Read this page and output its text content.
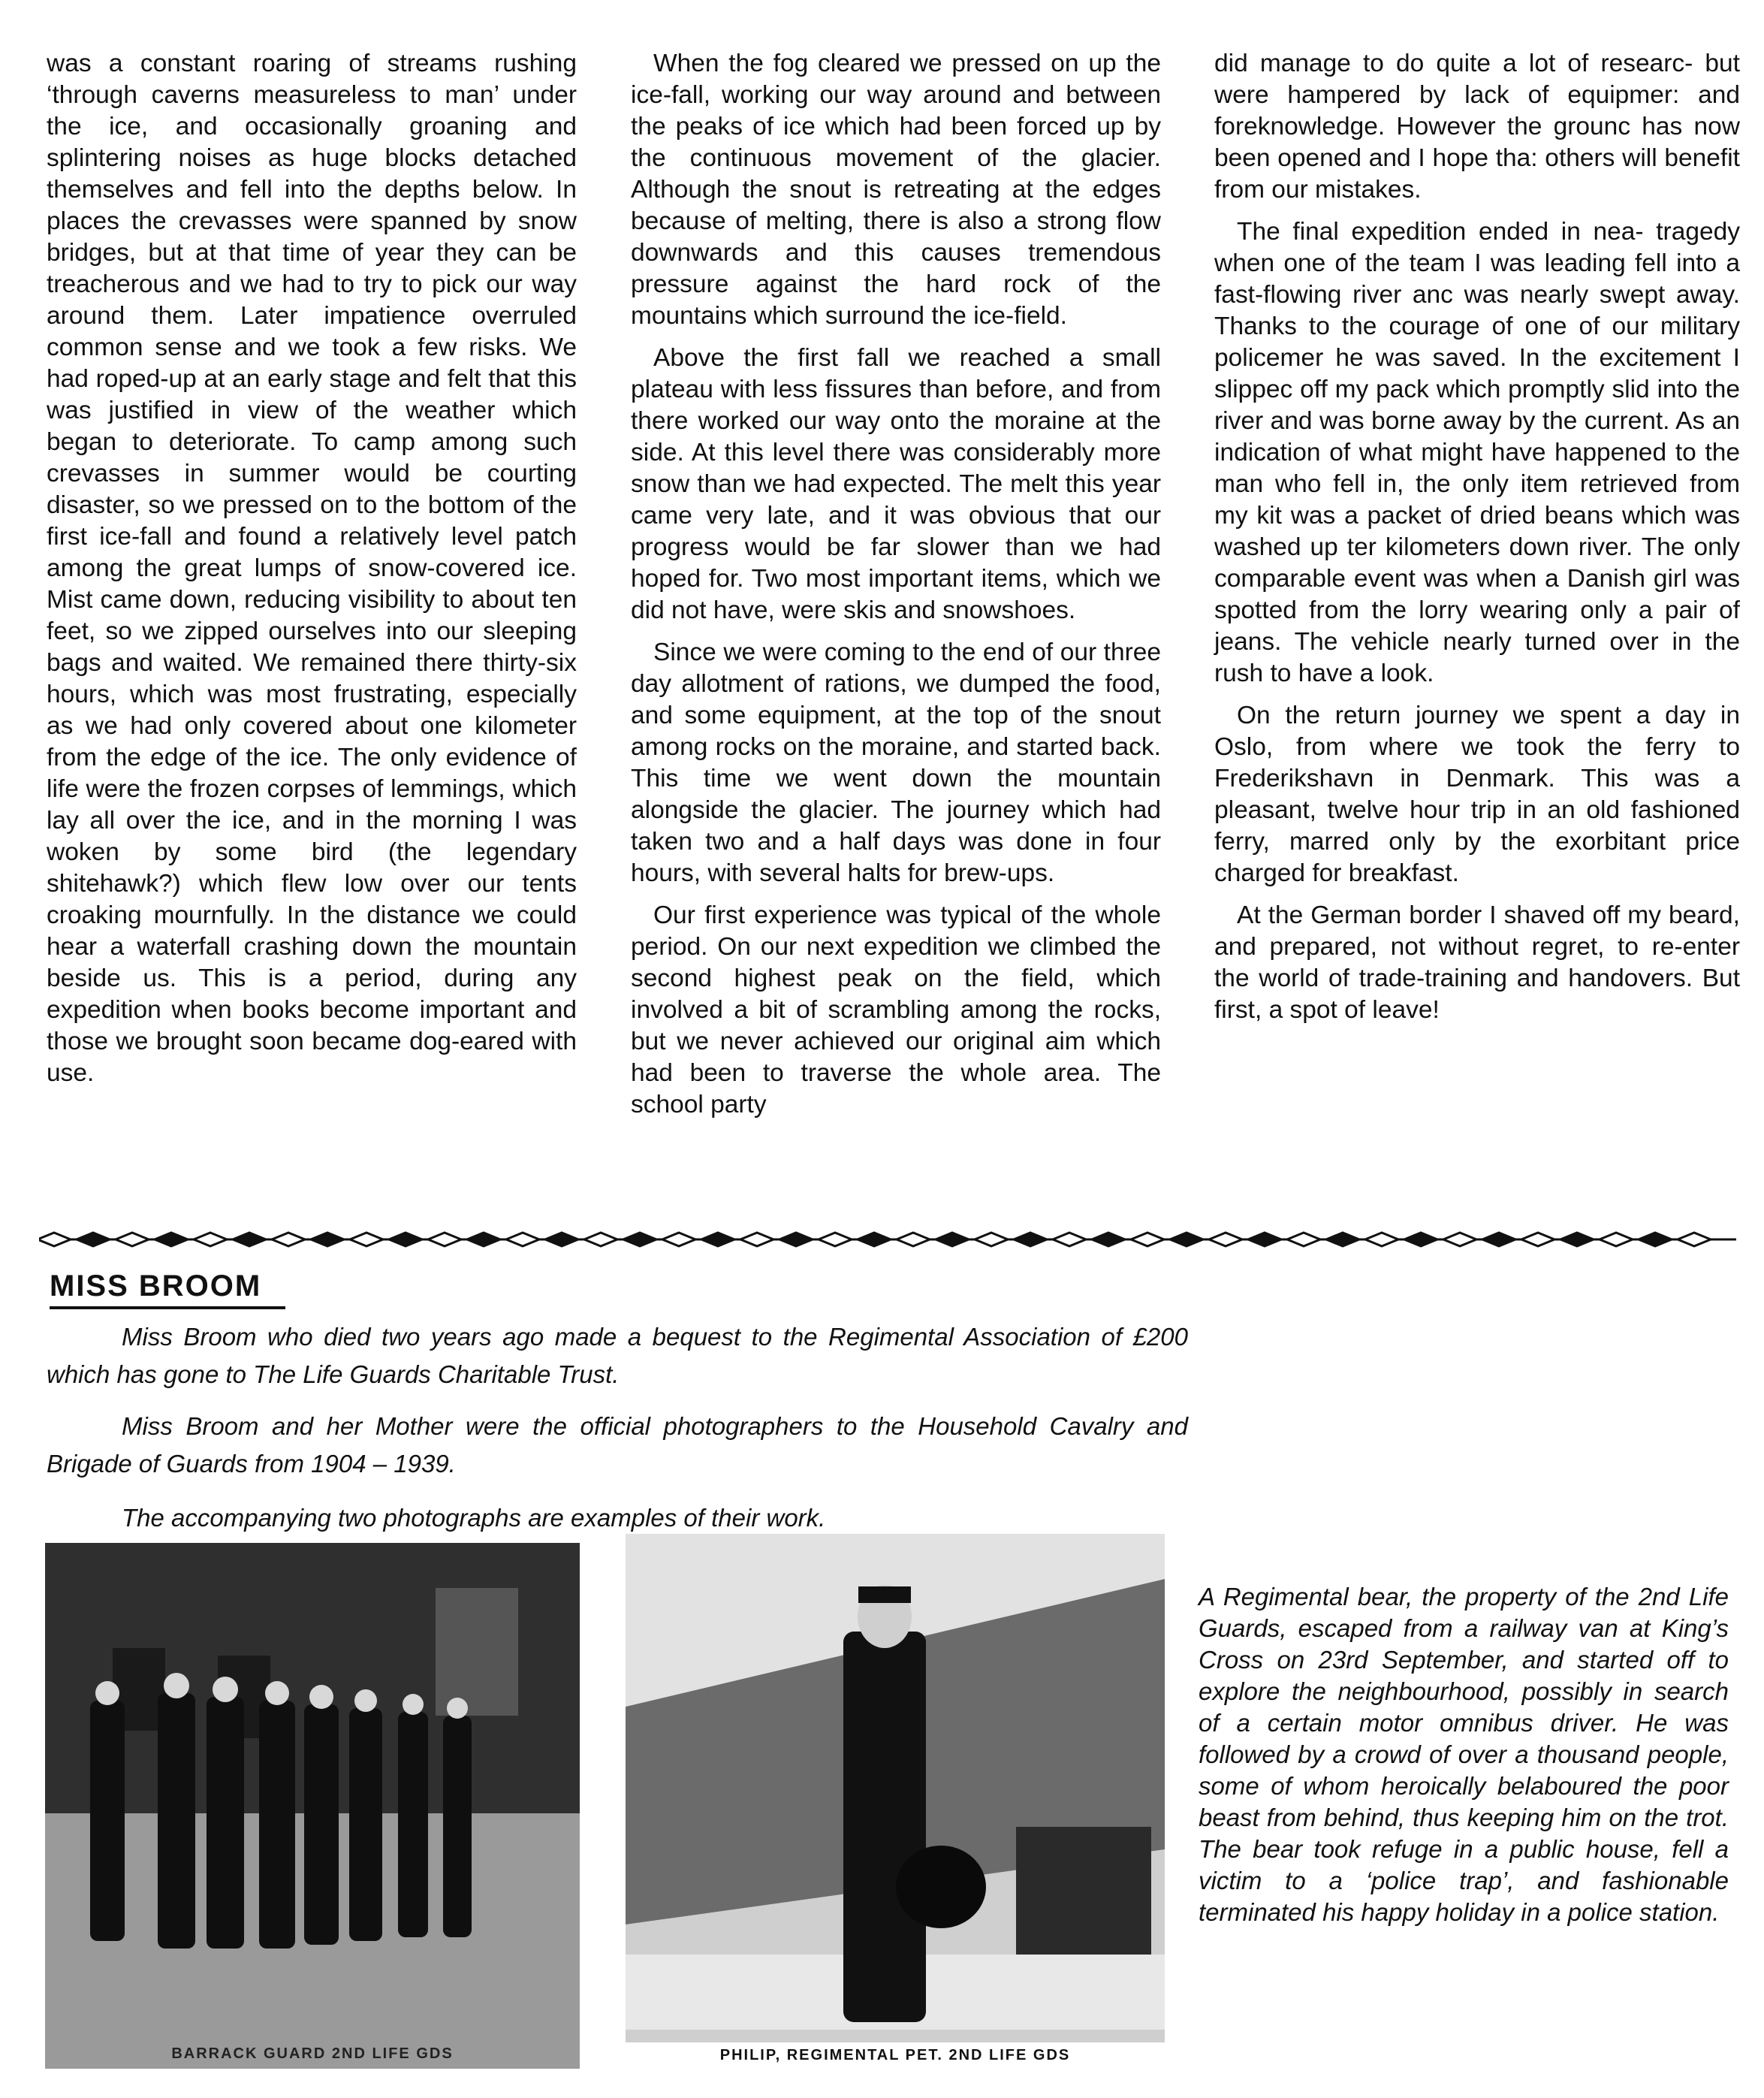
was a constant roaring of streams rushing ‘through caverns measureless to man’ under the ice, and occasionally groaning and splintering noises as huge blocks detached themselves and fell into the depths below. In places the crevasses were spanned by snow bridges, but at that time of year they can be treacherous and we had to try to pick our way around them. Later impatience overruled common sense and we took a few risks. We had roped-up at an early stage and felt that this was justified in view of the weather which began to deteriorate. To camp among such crevasses in summer would be courting disaster, so we pressed on to the bottom of the first ice-fall and found a relatively level patch among the great lumps of snow-covered ice. Mist came down, reducing visibility to about ten feet, so we zipped ourselves into our sleeping bags and waited. We remained there thirty-six hours, which was most frustrating, especially as we had only covered about one kilometer from the edge of the ice. The only evidence of life were the frozen corpses of lemmings, which lay all over the ice, and in the morning I was woken by some bird (the legendary shitehawk?) which flew low over our tents croaking mournfully. In the distance we could hear a waterfall crashing down the mountain beside us. This is a period, during any expedition when books become important and those we brought soon became dog-eared with use.

When the fog cleared we pressed on up the ice-fall, working our way around and between the peaks of ice which had been forced up by the continuous movement of the glacier. Although the snout is retreating at the edges because of melting, there is also a strong flow downwards and this causes tremendous pressure against the hard rock of the mountains which surround the ice-field.

Above the first fall we reached a small plateau with less fissures than before, and from there worked our way onto the moraine at the side. At this level there was considerably more snow than we had expected. The melt this year came very late, and it was obvious that our progress would be far slower than we had hoped for. Two most important items, which we did not have, were skis and snowshoes.

Since we were coming to the end of our three day allotment of rations, we dumped the food, and some equipment, at the top of the snout among rocks on the moraine, and started back. This time we went down the mountain alongside the glacier. The journey which had taken two and a half days was done in four hours, with several halts for brew-ups.

Our first experience was typical of the whole period. On our next expedition we climbed the second highest peak on the field, which involved a bit of scrambling among the rocks, but we never achieved our original aim which had been to traverse the whole area. The school party

did manage to do quite a lot of researc- but were hampered by lack of equipmer: and foreknowledge. However the grounc has now been opened and I hope tha: others will benefit from our mistakes.

The final expedition ended in nea- tragedy when one of the team I was leading fell into a fast-flowing river anc was nearly swept away. Thanks to the courage of one of our military policemer he was saved. In the excitement I slippec off my pack which promptly slid into the river and was borne away by the current. As an indication of what might have happened to the man who fell in, the only item retrieved from my kit was a packet of dried beans which was washed up ter kilometers down river. The only comparable event was when a Danish girl was spotted from the lorry wearing only a pair of jeans. The vehicle nearly turned over in the rush to have a look.

On the return journey we spent a day in Oslo, from where we took the ferry to Frederikshavn in Denmark. This was a pleasant, twelve hour trip in an old fashioned ferry, marred only by the exorbitant price charged for breakfast.

At the German border I shaved off my beard, and prepared, not without regret, to re-enter the world of trade-training and handovers. But first, a spot of leave!

MISS BROOM

Miss Broom who died two years ago made a bequest to the Regimental Association of £200 which has gone to The Life Guards Charitable Trust.

Miss Broom and her Mother were the official photographers to the Household Cavalry and Brigade of Guards from 1904 – 1939.

The accompanying two photographs are examples of their work.

BARRACK GUARD 2ND LIFE GDS	PHILIP, REGIMENTAL PET. 2ND LIFE GDS

A Regimental bear, the property of the 2nd Life Guards, escaped from a railway van at King’s Cross on 23rd September, and started off to explore the neighbourhood, possibly in search of a certain motor omnibus driver. He was followed by a crowd of over a thousand people, some of whom heroically belaboured the poor beast from behind, thus keeping him on the trot. The bear took refuge in a public house, fell a victim to a ‘police trap’, and fashionable terminated his happy holiday in a police station.
